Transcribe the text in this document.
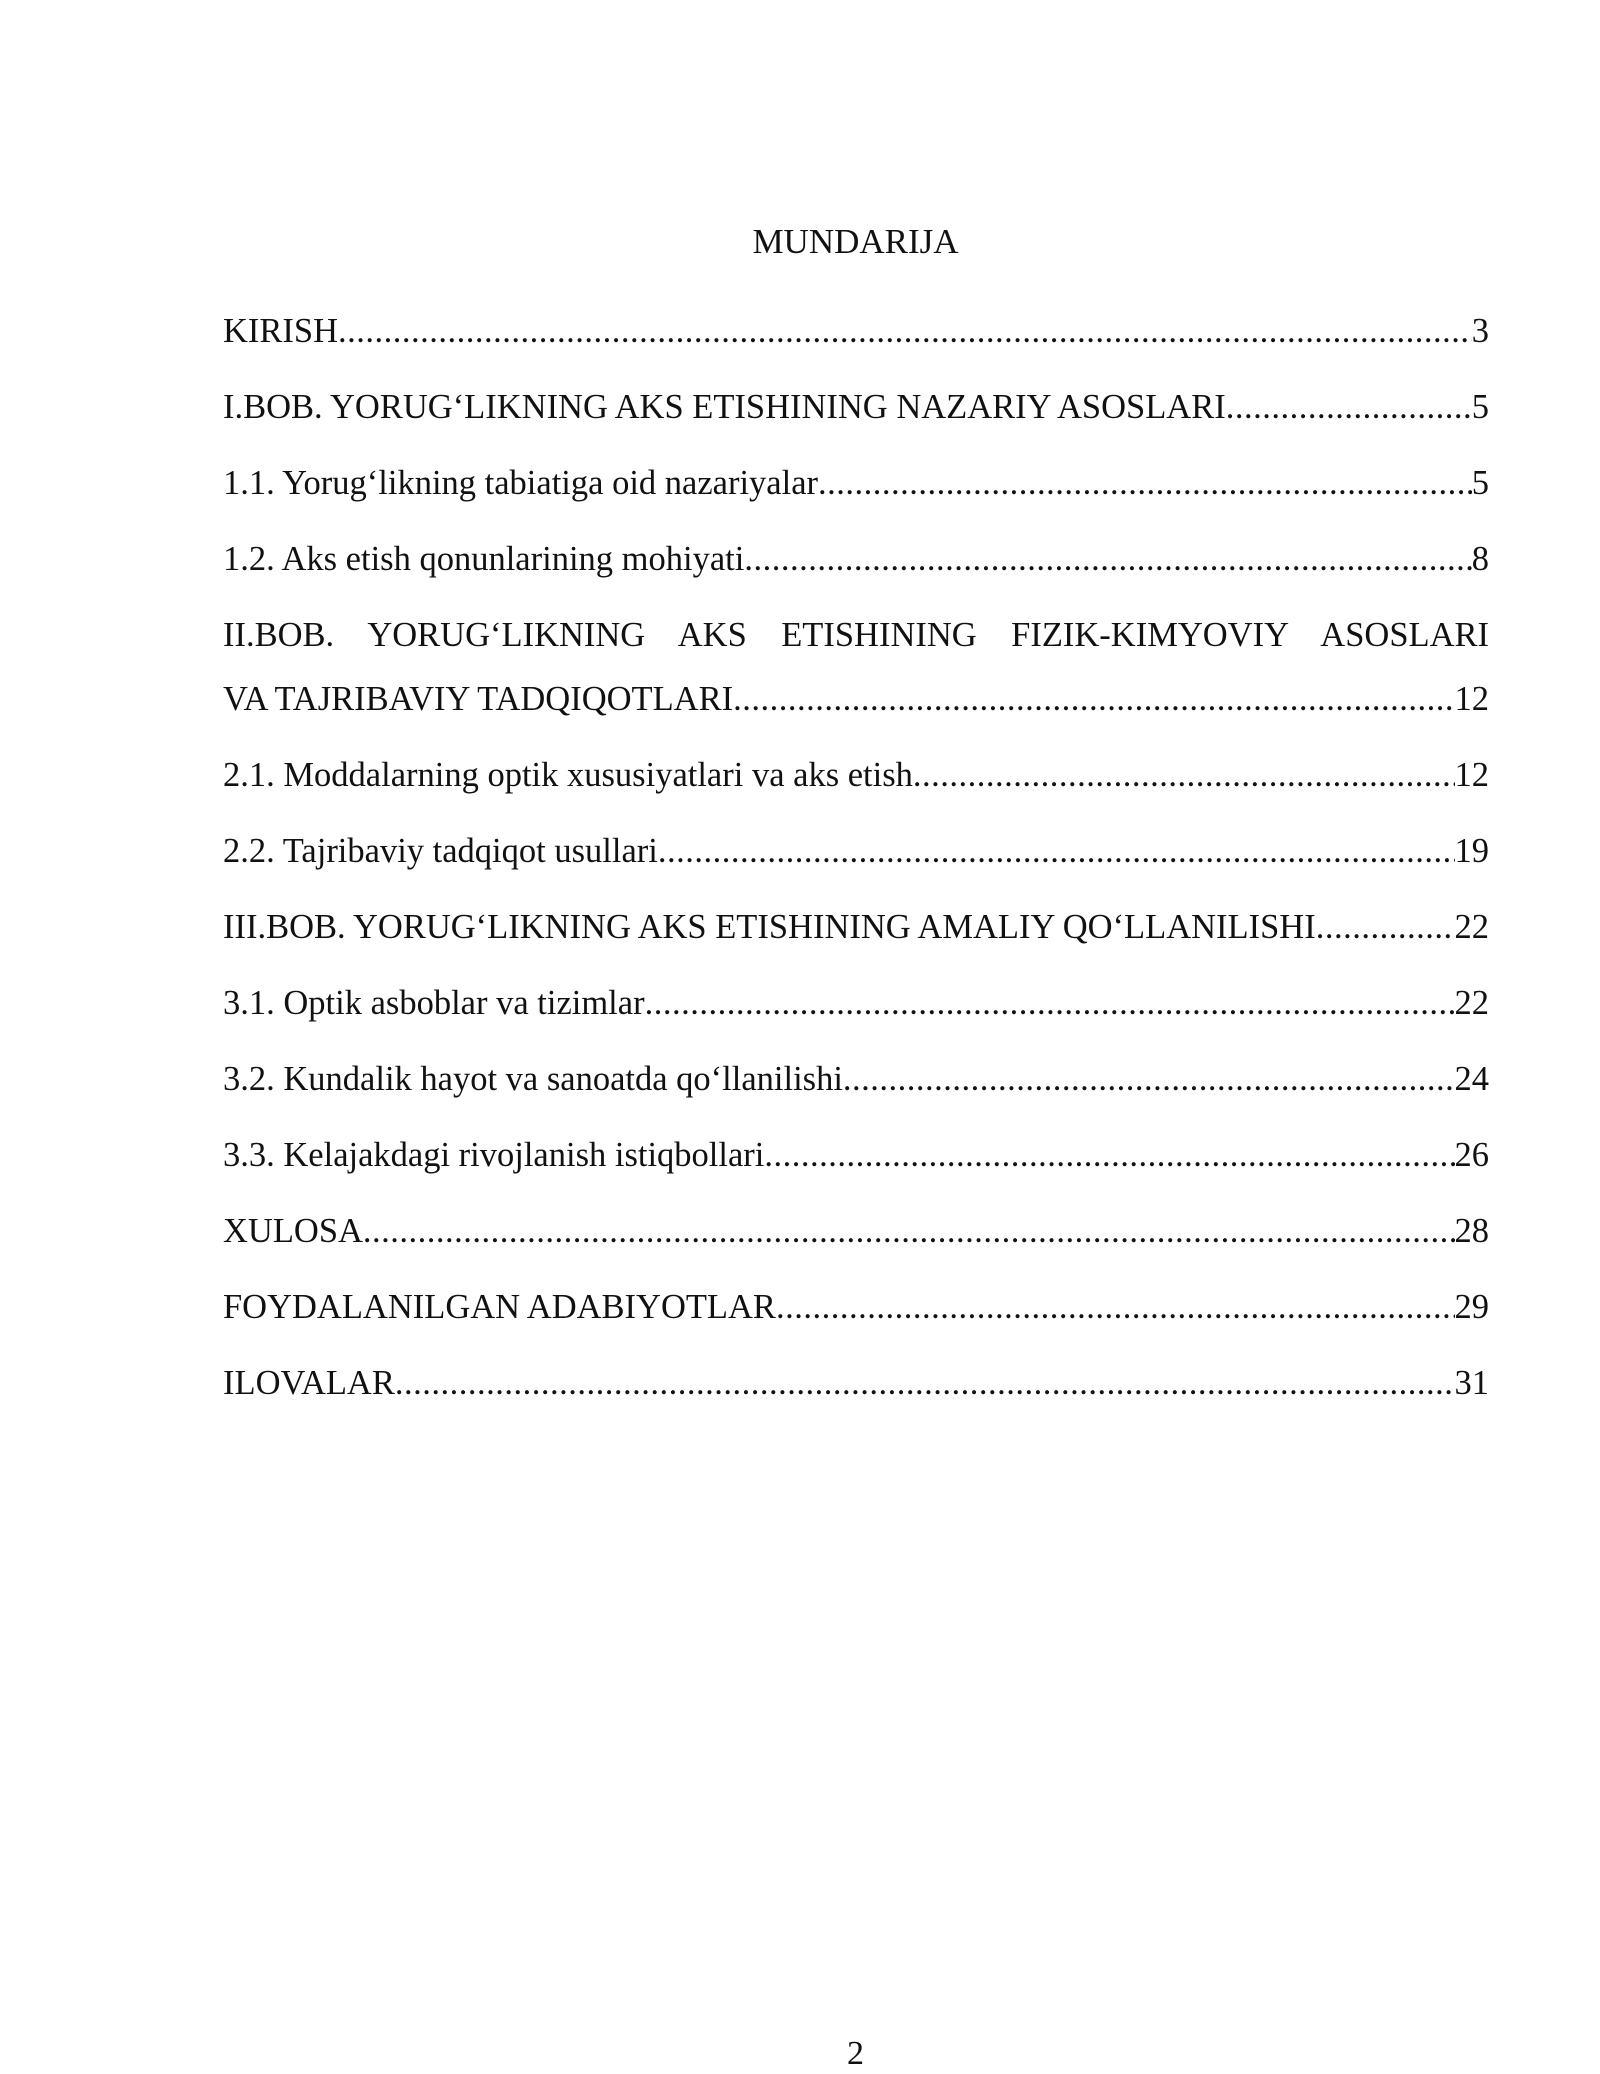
MUNDARIJA
KIRISH .....	3
I.BOB. YORUG‘LIKNING AKS ETISHINING NAZARIY ASOSLARI .....	5
1.1. Yorug‘likning tabiatiga oid nazariyalar .....	5
1.2. Aks etish qonunlarining mohiyati .....	8
II.BOB. YORUG‘LIKNING AKS ETISHINING FIZIK-KIMYOVIY ASOSLARI
VA TAJRIBAVIY TADQIQOTLARI .....	12
2.1. Moddalarning optik xususiyatlari va aks etish .....	12
2.2. Tajribaviy tadqiqot usullari .....	19
III.BOB. YORUG‘LIKNING AKS ETISHINING AMALIY QO‘LLANILISHI .....	22
3.1. Optik asboblar va tizimlar .....	22
3.2. Kundalik hayot va sanoatda qo‘llanilishi .....	24
3.3. Kelajakdagi rivojlanish istiqbollari .....	26
XULOSA .....	28
FOYDALANILGAN ADABIYOTLAR .....	29
ILOVALAR .....	31
2
